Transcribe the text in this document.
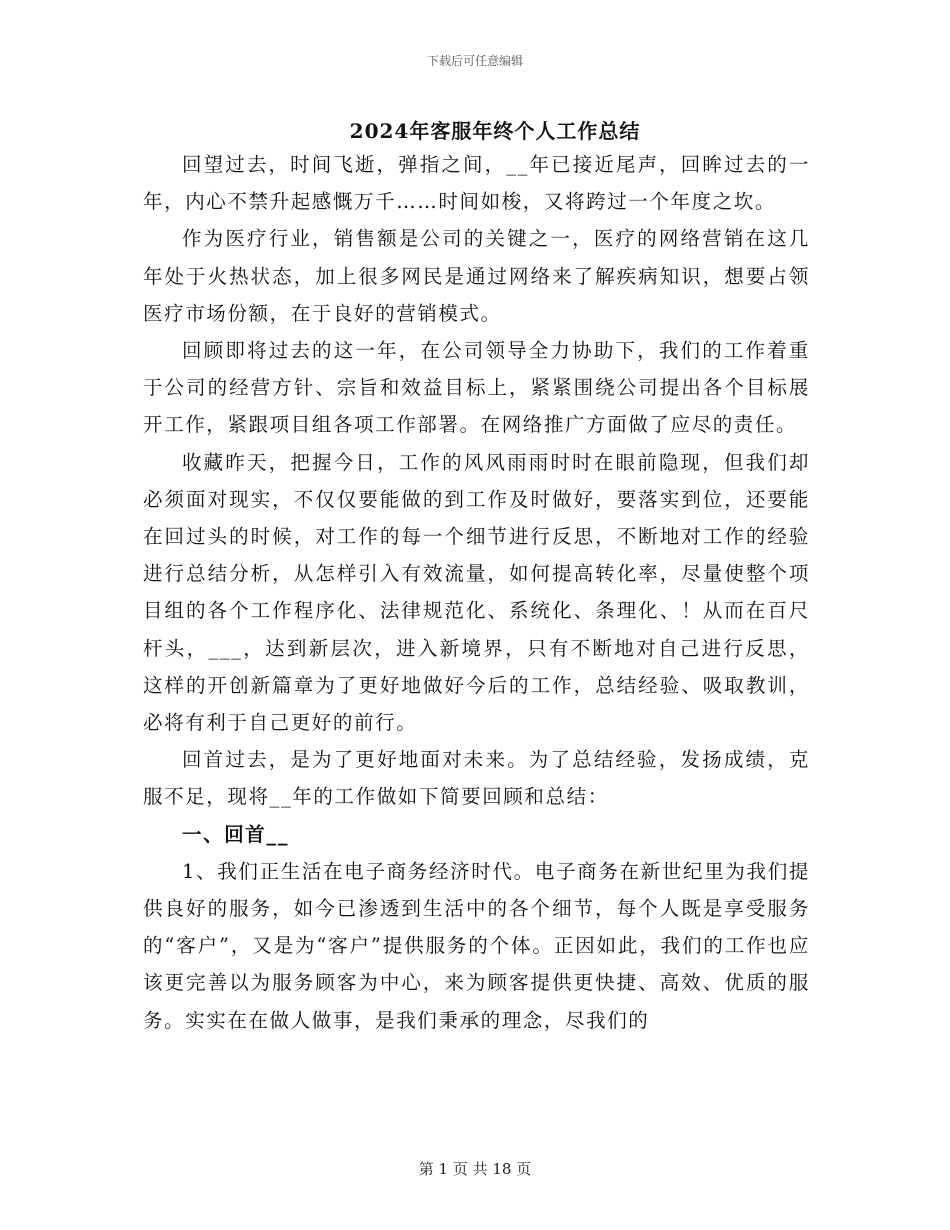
下载后可任意编辑
2024年客服年终个人工作总结

回望过去，时间飞逝，弹指之间，__年已接近尾声，回眸过去的一年，内心不禁升起感慨万千……时间如梭，又将跨过一个年度之坎。

作为医疗行业，销售额是公司的关键之一，医疗的网络营销在这几年处于火热状态，加上很多网民是通过网络来了解疾病知识，想要占领医疗市场份额，在于良好的营销模式。

回顾即将过去的这一年，在公司领导全力协助下，我们的工作着重于公司的经营方针、宗旨和效益目标上，紧紧围绕公司提出各个目标展开工作，紧跟项目组各项工作部署。在网络推广方面做了应尽的责任。

收藏昨天，把握今日，工作的风风雨雨时时在眼前隐现，但我们却必须面对现实，不仅仅要能做的到工作及时做好，要落实到位，还要能在回过头的时候，对工作的每一个细节进行反思，不断地对工作的经验进行总结分析，从怎样引入有效流量，如何提高转化率，尽量使整个项目组的各个工作程序化、法律规范化、系统化、条理化、！从而在百尺杆头，___，达到新层次，进入新境界，只有不断地对自己进行反思，这样的开创新篇章为了更好地做好今后的工作，总结经验、吸取教训，必将有利于自己更好的前行。

回首过去，是为了更好地面对未来。为了总结经验，发扬成绩，克服不足，现将__年的工作做如下简要回顾和总结：

一、回首__

1、我们正生活在电子商务经济时代。电子商务在新世纪里为我们提供良好的服务，如今已渗透到生活中的各个细节，每个人既是享受服务的“客户”，又是为“客户”提供服务的个体。正因如此，我们的工作也应该更完善以为服务顾客为中心，来为顾客提供更快捷、高效、优质的服务。实实在在做人做事，是我们秉承的理念，尽我们的

第 1 页 共 18 页
